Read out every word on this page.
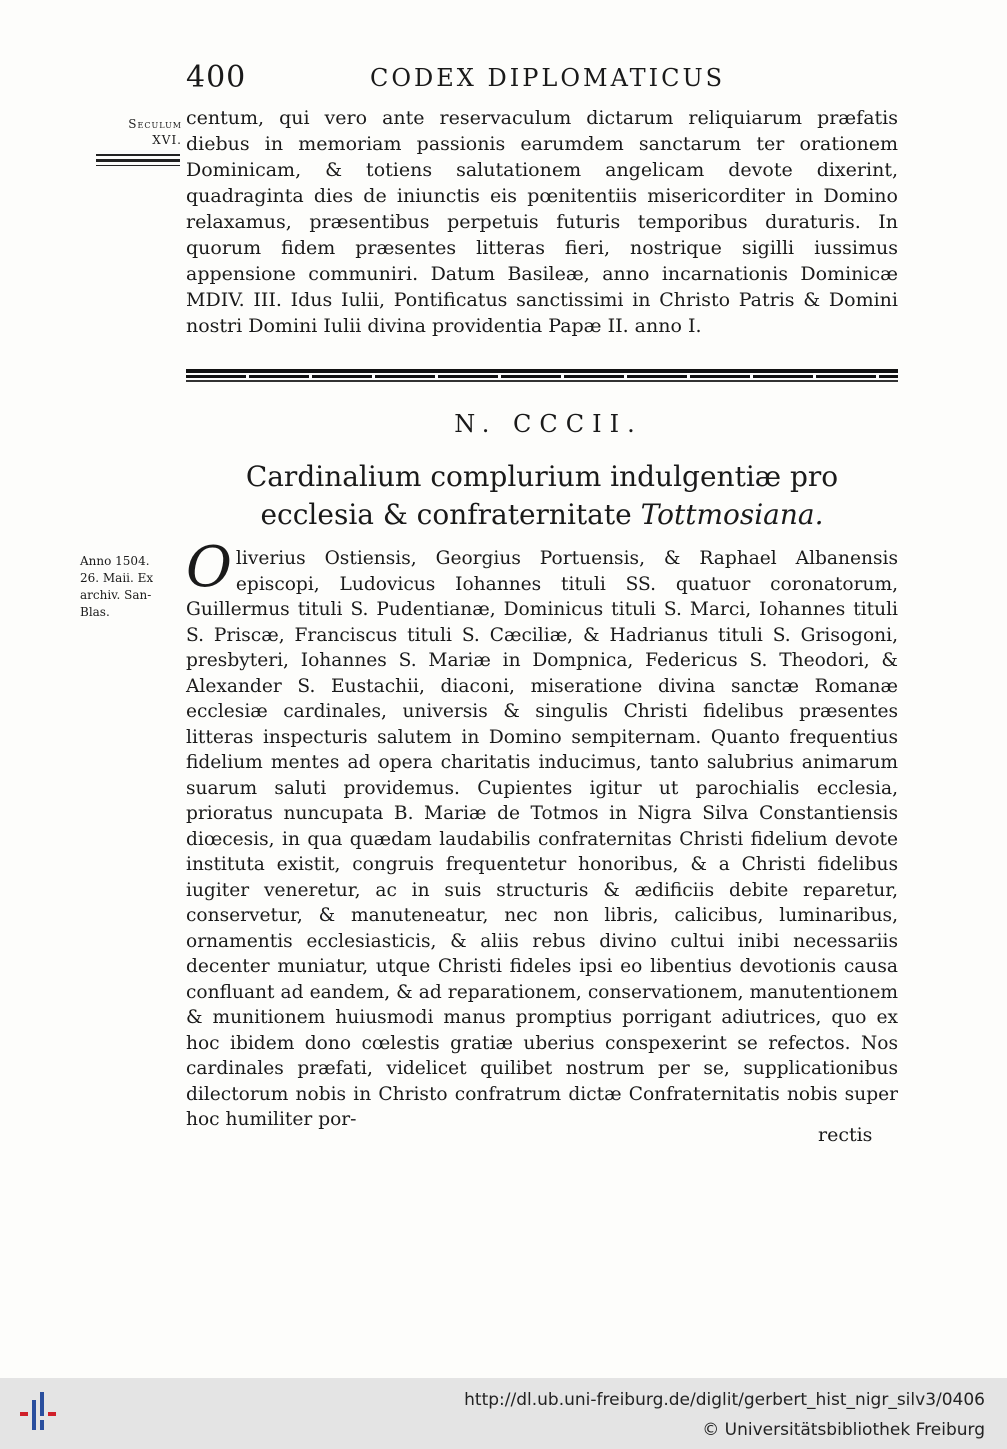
400	CODEX DIPLOMATICUS
Seculum
XVI.

centum, qui vero ante reservaculum dictarum reliquiarum præfatis diebus in memoriam passionis earumdem sanctarum ter orationem Dominicam, & totiens salutationem angelicam devote dixerint, quadraginta dies de iniunctis eis pœnitentiis misericorditer in Domino relaxamus, præsentibus perpetuis futuris temporibus duraturis. In quorum fidem præsentes litteras fieri, nostrique sigilli iussimus appensione communiri. Datum Basileæ, anno incarnationis Dominicæ MDIV. III. Idus Iulii, Pontificatus sanctissimi in Christo Patris & Domini nostri Domini Iulii divina providentia Papæ II. anno I.

N. CCCII.
Cardinalium complurium indulgentiæ pro ecclesia & confraternitate Tottmosiana.
Anno 1504.
26. Maii. Ex
archiv. San-
Blas.
O liverius Ostiensis, Georgius Portuensis, & Raphael Albanensis episcopi, Ludovicus Iohannes tituli SS. quatuor coronatorum, Guillermus tituli S. Pudentianæ, Dominicus tituli S. Marci, Iohannes tituli S. Priscæ, Franciscus tituli S. Cæciliæ, & Hadrianus tituli S. Grisogoni, presbyteri, Iohannes S. Mariæ in Dompnica, Federicus S. Theodori, & Alexander S. Eustachii, diaconi, miseratione divina sanctæ Romanæ ecclesiæ cardinales, universis & singulis Christi fidelibus præsentes litteras inspecturis salutem in Domino sempiternam. Quanto frequentius fidelium mentes ad opera charitatis inducimus, tanto salubrius animarum suarum saluti providemus. Cupientes igitur ut parochialis ecclesia, prioratus nuncupata B. Mariæ de Totmos in Nigra Silva Constantiensis diœcesis, in qua quædam laudabilis confraternitas Christi fidelium devote instituta existit, congruis frequentetur honoribus, & a Christi fidelibus iugiter veneretur, ac in suis structuris & ædificiis debite reparetur, conservetur, & manuteneatur, nec non libris, calicibus, luminaribus, ornamentis ecclesiasticis, & aliis rebus divino cultui inibi necessariis decenter muniatur, utque Christi fideles ipsi eo libentius devotionis causa confluant ad eandem, & ad reparationem, conservationem, manutentionem & munitionem huiusmodi manus promptius porrigant adiutrices, quo ex hoc ibidem dono cœlestis gratiæ uberius conspexerint se refectos. Nos cardinales præfati, videlicet quilibet nostrum per se, supplicationibus dilectorum nobis in Christo confratrum dictæ Confraternitatis nobis super hoc humiliter por-

rectis
http://dl.ub.uni-freiburg.de/diglit/gerbert_hist_nigr_silv3/0406
© Universitätsbibliothek Freiburg
